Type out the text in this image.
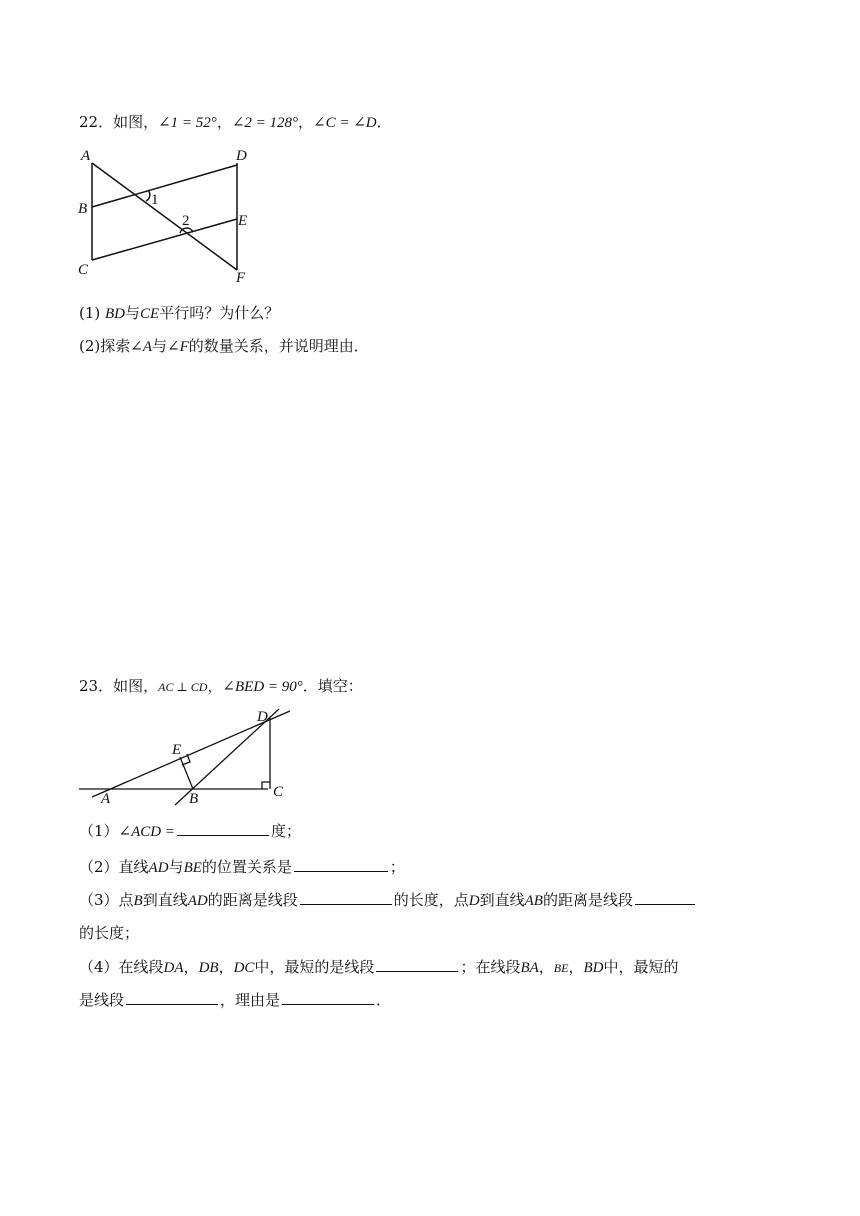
22．如图，∠1 = 52°，∠2 = 128°，∠C = ∠D．
A	D
B
E
C	F
1
2
(1) BD与CE平行吗？为什么？
(2)探索∠A与∠F的数量关系，并说明理由．
23．如图，AC ⊥ CD，∠BED = 90°．填空：
D
E
A	B	C
（1）∠ACD =	度；
（2）直线AD与BE的位置关系是	；
（3）点B到直线AD的距离是线段	的长度，点D到直线AB的距离是线段
的长度；
（4）在线段DA，DB，DC中，最短的是线段	；在线段BA，BE，BD中，最短的
是线段	，理由是	．
